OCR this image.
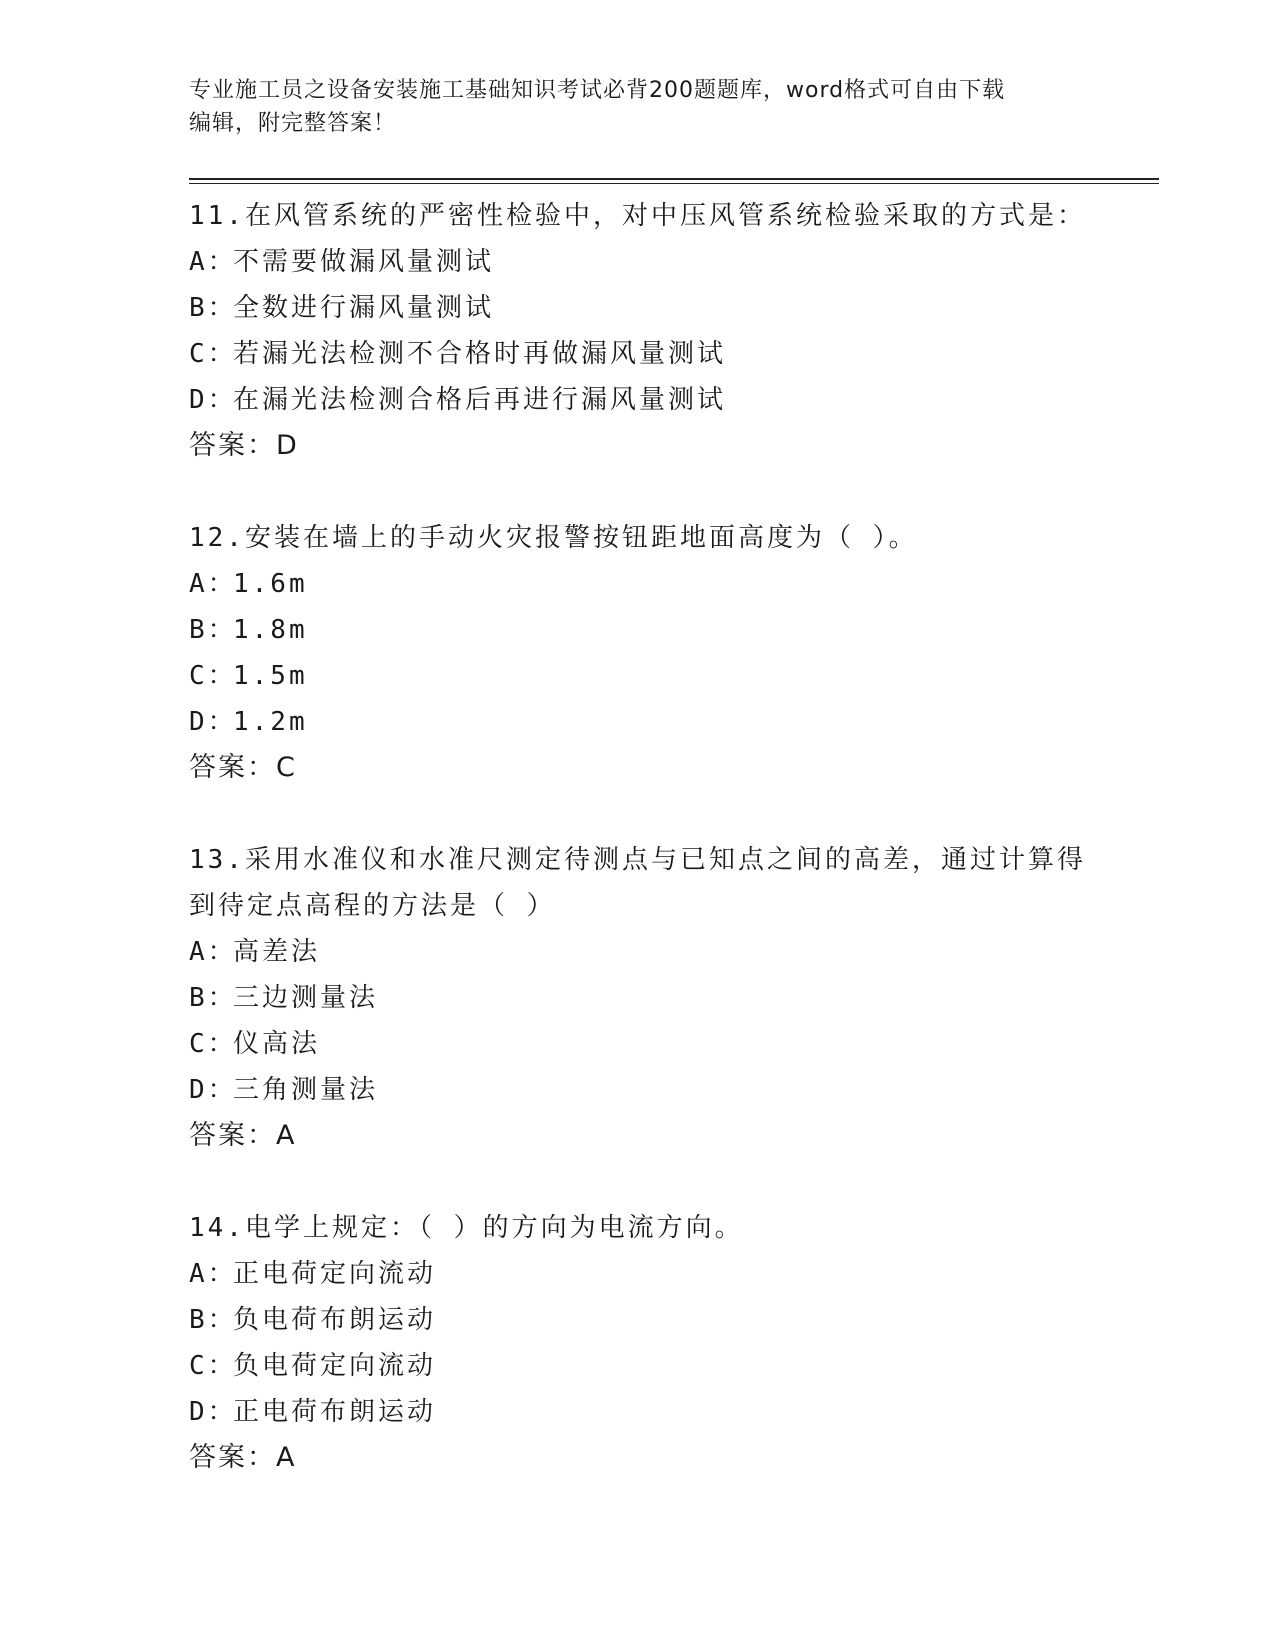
专业施工员之设备安装施工基础知识考试必背200题题库，word格式可自由下载
编辑，附完整答案！

11.在风管系统的严密性检验中，对中压风管系统检验采取的方式是：

A：不需要做漏风量测试

B：全数进行漏风量测试

C：若漏光法检测不合格时再做漏风量测试

D：在漏光法检测合格后再进行漏风量测试

答案：D

12.安装在墙上的手动火灾报警按钮距地面高度为（ ）。

A：1.6m

B：1.8m

C：1.5m

D：1.2m

答案：C

13.采用水准仪和水准尺测定待测点与已知点之间的高差，通过计算得

到待定点高程的方法是（ ）

A：高差法

B：三边测量法

C：仪高法

D：三角测量法

答案：A

14.电学上规定：（ ）的方向为电流方向。

A：正电荷定向流动

B：负电荷布朗运动

C：负电荷定向流动

D：正电荷布朗运动

答案：A
